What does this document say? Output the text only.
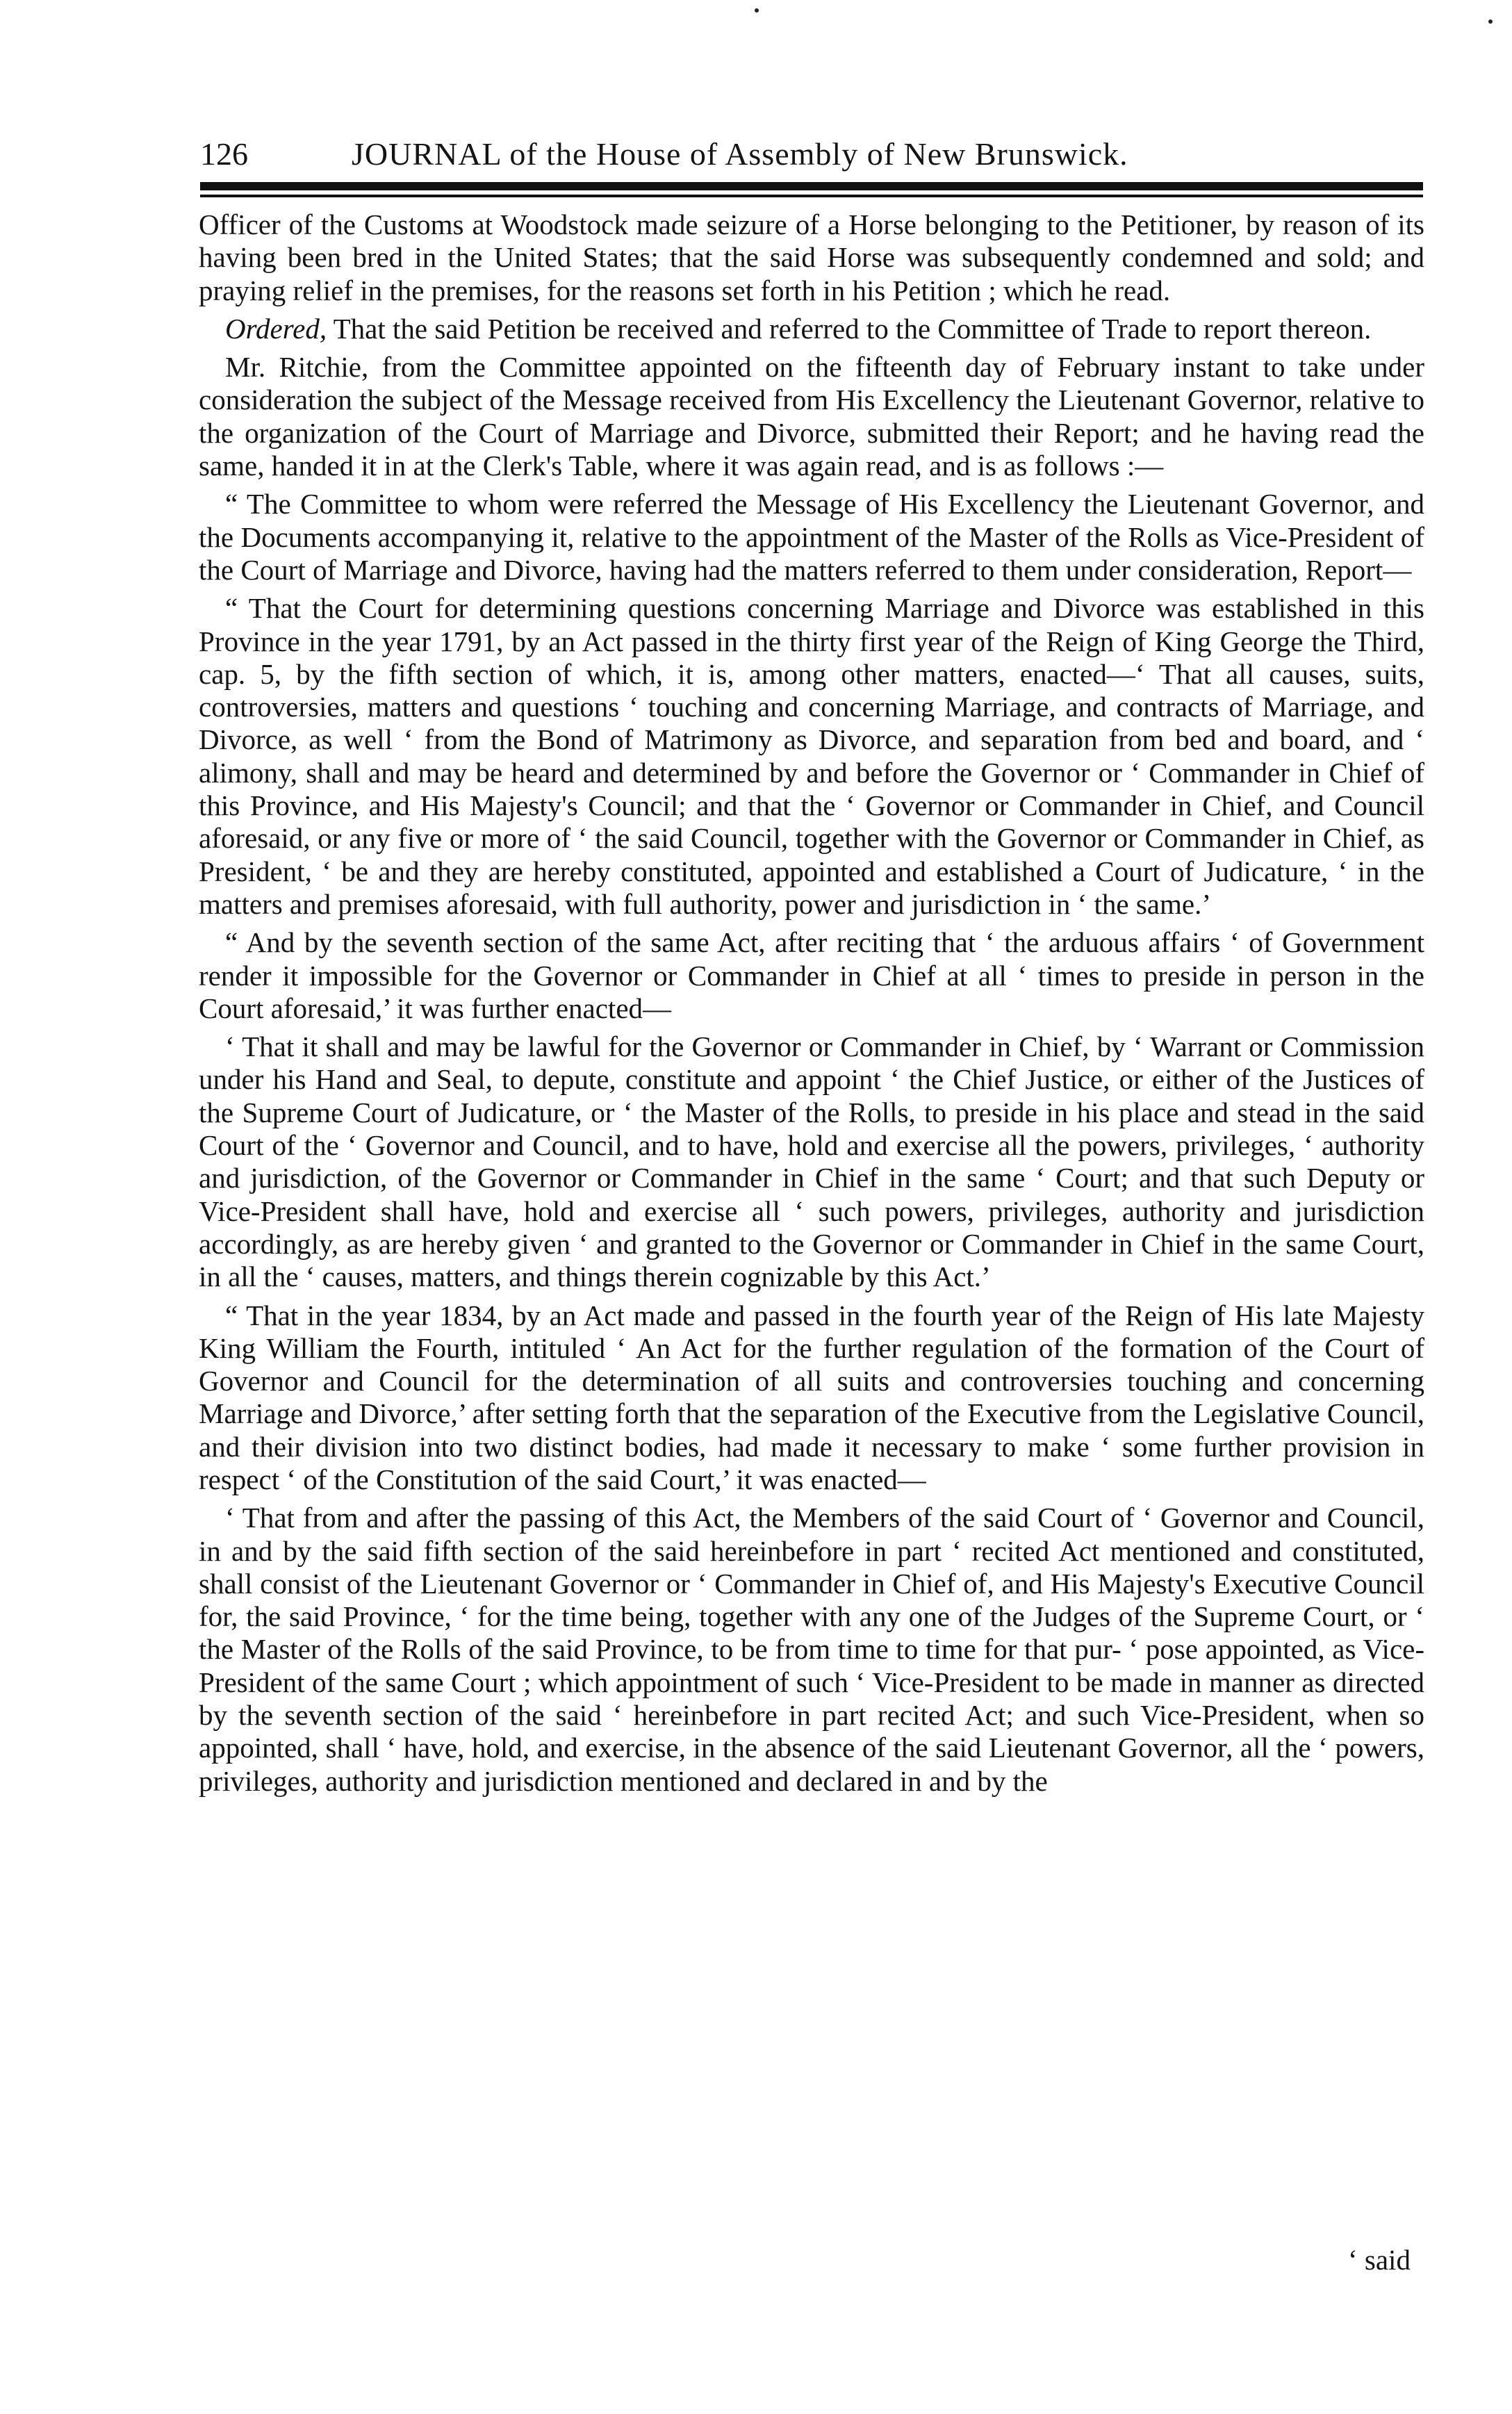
126	JOURNAL of the House of Assembly of New Brunswick.

Officer of the Customs at Woodstock made seizure of a Horse belonging to the Petitioner, by reason of its having been bred in the United States; that the said Horse was subsequently condemned and sold; and praying relief in the premises, for the reasons set forth in his Petition ; which he read.

Ordered, That the said Petition be received and referred to the Committee of Trade to report thereon.

Mr. Ritchie, from the Committee appointed on the fifteenth day of February instant to take under consideration the subject of the Message received from His Excellency the Lieutenant Governor, relative to the organization of the Court of Marriage and Divorce, submitted their Report; and he having read the same, handed it in at the Clerk's Table, where it was again read, and is as follows :—

“ The Committee to whom were referred the Message of His Excellency the Lieutenant Governor, and the Documents accompanying it, relative to the appointment of the Master of the Rolls as Vice-President of the Court of Marriage and Divorce, having had the matters referred to them under consideration, Report—

“ That the Court for determining questions concerning Marriage and Divorce was established in this Province in the year 1791, by an Act passed in the thirty first year of the Reign of King George the Third, cap. 5, by the fifth section of which, it is, among other matters, enacted—‘ That all causes, suits, controversies, matters and questions ‘ touching and concerning Marriage, and contracts of Marriage, and Divorce, as well ‘ from the Bond of Matrimony as Divorce, and separation from bed and board, and ‘ alimony, shall and may be heard and determined by and before the Governor or ‘ Commander in Chief of this Province, and His Majesty's Council; and that the ‘ Governor or Commander in Chief, and Council aforesaid, or any five or more of ‘ the said Council, together with the Governor or Commander in Chief, as President, ‘ be and they are hereby constituted, appointed and established a Court of Judicature, ‘ in the matters and premises aforesaid, with full authority, power and jurisdiction in ‘ the same.’

“ And by the seventh section of the same Act, after reciting that ‘ the arduous affairs ‘ of Government render it impossible for the Governor or Commander in Chief at all ‘ times to preside in person in the Court aforesaid,’ it was further enacted—

‘ That it shall and may be lawful for the Governor or Commander in Chief, by ‘ Warrant or Commission under his Hand and Seal, to depute, constitute and appoint ‘ the Chief Justice, or either of the Justices of the Supreme Court of Judicature, or ‘ the Master of the Rolls, to preside in his place and stead in the said Court of the ‘ Governor and Council, and to have, hold and exercise all the powers, privileges, ‘ authority and jurisdiction, of the Governor or Commander in Chief in the same ‘ Court; and that such Deputy or Vice-President shall have, hold and exercise all ‘ such powers, privileges, authority and jurisdiction accordingly, as are hereby given ‘ and granted to the Governor or Commander in Chief in the same Court, in all the ‘ causes, matters, and things therein cognizable by this Act.’

“ That in the year 1834, by an Act made and passed in the fourth year of the Reign of His late Majesty King William the Fourth, intituled ‘ An Act for the further regulation of the formation of the Court of Governor and Council for the determination of all suits and controversies touching and concerning Marriage and Divorce,’ after setting forth that the separation of the Executive from the Legislative Council, and their division into two distinct bodies, had made it necessary to make ‘ some further provision in respect ‘ of the Constitution of the said Court,’ it was enacted—

‘ That from and after the passing of this Act, the Members of the said Court of ‘ Governor and Council, in and by the said fifth section of the said hereinbefore in part ‘ recited Act mentioned and constituted, shall consist of the Lieutenant Governor or ‘ Commander in Chief of, and His Majesty's Executive Council for, the said Province, ‘ for the time being, together with any one of the Judges of the Supreme Court, or ‘ the Master of the Rolls of the said Province, to be from time to time for that pur- ‘ pose appointed, as Vice-President of the same Court ; which appointment of such ‘ Vice-President to be made in manner as directed by the seventh section of the said ‘ hereinbefore in part recited Act; and such Vice-President, when so appointed, shall ‘ have, hold, and exercise, in the absence of the said Lieutenant Governor, all the ‘ powers, privileges, authority and jurisdiction mentioned and declared in and by the

‘ said
